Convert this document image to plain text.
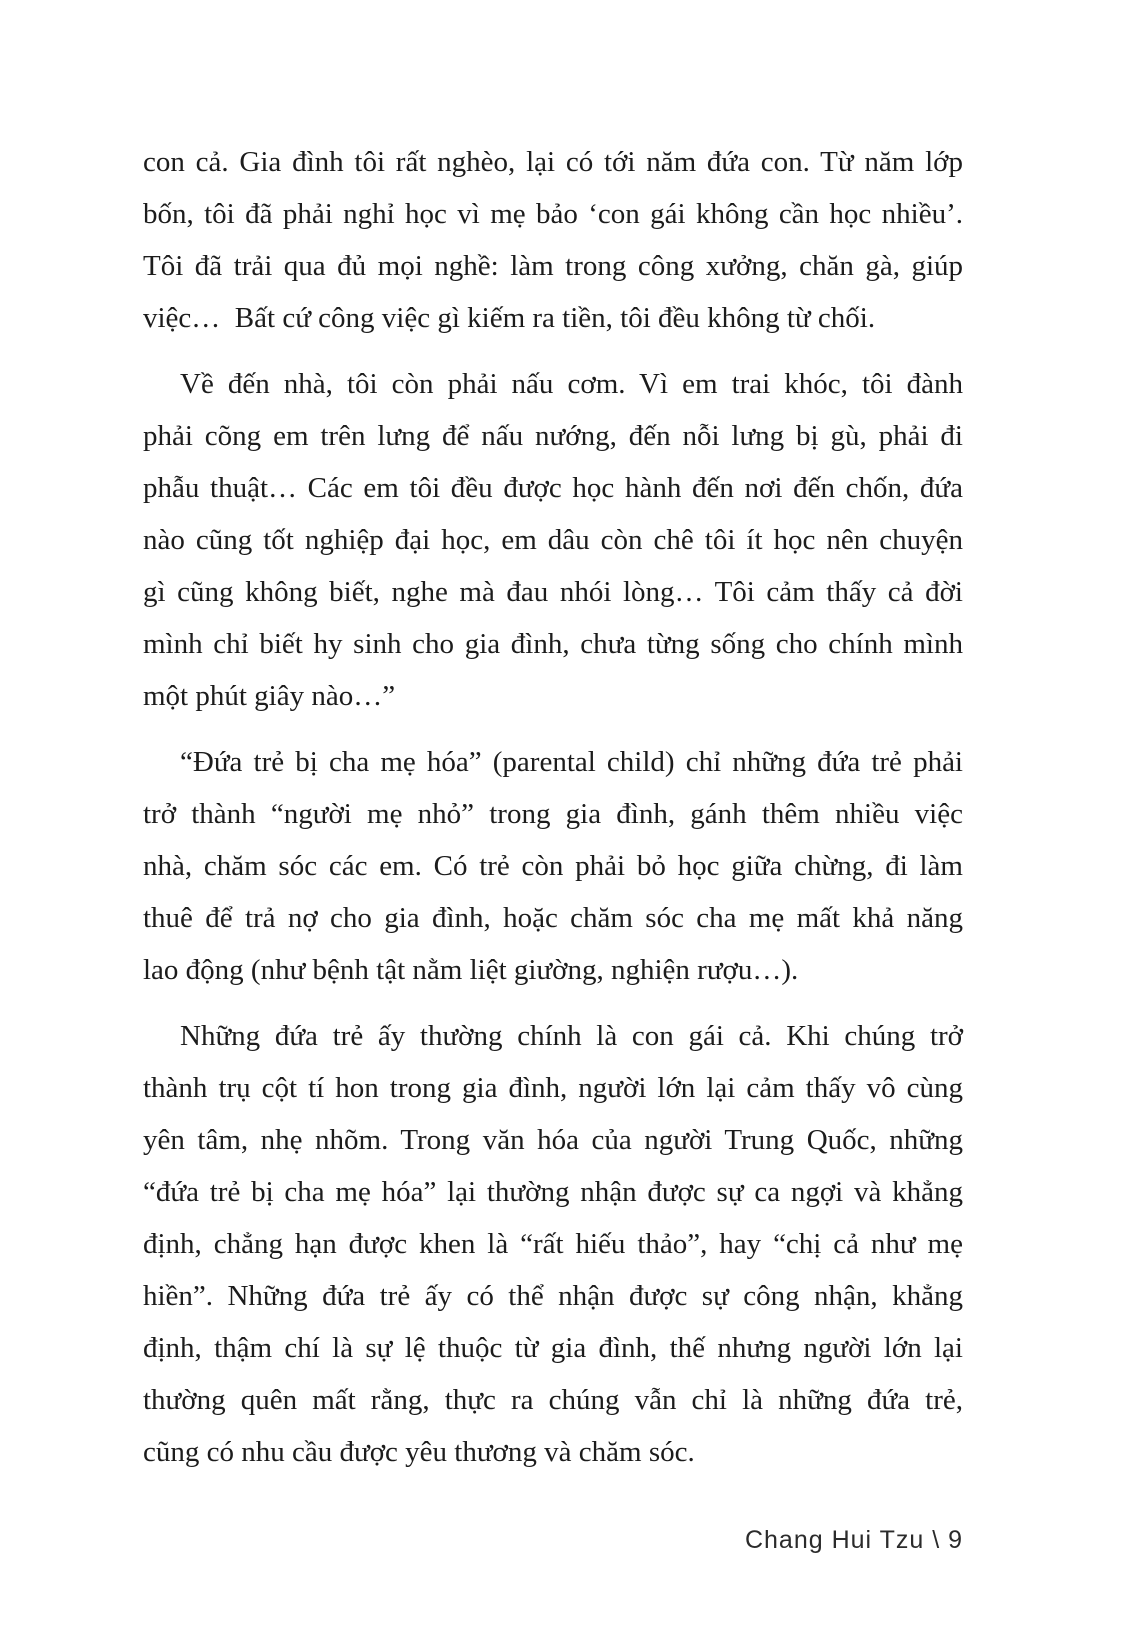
con cả. Gia đình tôi rất nghèo, lại có tới năm đứa con. Từ năm lớp
bốn, tôi đã phải nghỉ học vì mẹ bảo ‘con gái không cần học nhiều’.
Tôi đã trải qua đủ mọi nghề: làm trong công xưởng, chăn gà, giúp
việc… Bất cứ công việc gì kiếm ra tiền, tôi đều không từ chối.
Về đến nhà, tôi còn phải nấu cơm. Vì em trai khóc, tôi đành
phải cõng em trên lưng để nấu nướng, đến nỗi lưng bị gù, phải đi
phẫu thuật… Các em tôi đều được học hành đến nơi đến chốn, đứa
nào cũng tốt nghiệp đại học, em dâu còn chê tôi ít học nên chuyện
gì cũng không biết, nghe mà đau nhói lòng… Tôi cảm thấy cả đời
mình chỉ biết hy sinh cho gia đình, chưa từng sống cho chính mình
một phút giây nào…”
“Đứa trẻ bị cha mẹ hóa” (parental child) chỉ những đứa trẻ phải
trở thành “người mẹ nhỏ” trong gia đình, gánh thêm nhiều việc
nhà, chăm sóc các em. Có trẻ còn phải bỏ học giữa chừng, đi làm
thuê để trả nợ cho gia đình, hoặc chăm sóc cha mẹ mất khả năng
lao động (như bệnh tật nằm liệt giường, nghiện rượu…).
Những đứa trẻ ấy thường chính là con gái cả. Khi chúng trở
thành trụ cột tí hon trong gia đình, người lớn lại cảm thấy vô cùng
yên tâm, nhẹ nhõm. Trong văn hóa của người Trung Quốc, những
“đứa trẻ bị cha mẹ hóa” lại thường nhận được sự ca ngợi và khẳng
định, chẳng hạn được khen là “rất hiếu thảo”, hay “chị cả như mẹ
hiền”. Những đứa trẻ ấy có thể nhận được sự công nhận, khẳng
định, thậm chí là sự lệ thuộc từ gia đình, thế nhưng người lớn lại
thường quên mất rằng, thực ra chúng vẫn chỉ là những đứa trẻ,
cũng có nhu cầu được yêu thương và chăm sóc.
Chang Hui Tzu \ 9
